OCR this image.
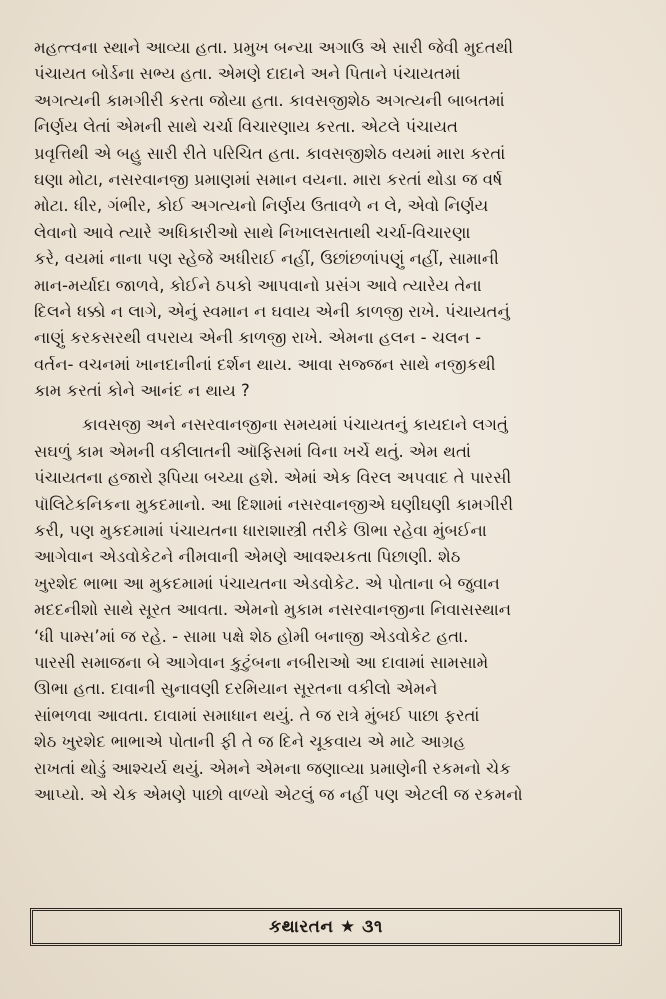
મહત્ત્વના સ્થાને આવ્યા હતા. પ્રમુખ બન્યા અગાઉ એ સારી જેવી મુદતથી
પંચાયત બોર્ડના સભ્ય હતા. એમણે દાદાને અને પિતાને પંચાયતમાં
અગત્યની કામગીરી કરતા જોયા હતા. કાવસજીશેઠ અગત્યની બાબતમાં
નિર્ણય લેતાં એમની સાથે ચર્ચા વિચારણાય કરતા. એટલે પંચાયત
પ્રવૃત્તિથી એ બહુ સારી રીતે પરિચિત હતા. કાવસજીશેઠ વયમાં મારા કરતાં
ઘણા મોટા, નસરવાનજી પ્રમાણમાં સમાન વયના. મારા કરતાં થોડા જ વર્ષ
મોટા. ધીર, ગંભીર, કોઈ અગત્યનો નિર્ણય ઉતાવળે ન લે, એવો નિર્ણય
લેવાનો આવે ત્યારે અધિકારીઓ સાથે નિખાલસતાથી ચર્ચા-વિચારણા
કરે, વયમાં નાના પણ સ્હેજે અધીરાઈ નહીં, ઉછાંછળાંપણું નહીં, સામાની
માન-મર્યાદા જાળવે, કોઈને ઠપકો આપવાનો પ્રસંગ આવે ત્યારેય તેના
દિલને ધક્કો ન લાગે, એનું સ્વમાન ન ઘવાય એની કાળજી રાખે. પંચાયતનું
નાણું કરકસરથી વપરાય એની કાળજી રાખે. એમના હલન - ચલન -
વર્તન- વચનમાં ખાનદાનીનાં દર્શન થાય. આવા સજ્જન સાથે નજીકથી
કામ કરતાં કોને આનંદ ન થાય ?
કાવસજી અને નસરવાનજીના સમયમાં પંચાયતનું કાયદાને લગતું
સઘળું કામ એમની વકીલાતની ઑફિસમાં વિના ખર્ચે થતું. એમ થતાં
પંચાયતના હજારો રૂપિયા બચ્યા હશે. એમાં એક વિરલ અપવાદ તે પારસી
પૉલિટેકનિકના મુકદમાનો. આ દિશામાં નસરવાનજીએ ઘણીઘણી કામગીરી
કરી, પણ મુકદમામાં પંચાયતના ધારાશાસ્ત્રી તરીકે ઊભા રહેવા મુંબઈના
આગેવાન એડવોકેટને નીમવાની એમણે આવશ્યકતા પિછાણી. શેઠ
ખુરશેદ ભાભા આ મુકદમામાં પંચાયતના એડવોકેટ. એ પોતાના બે જુવાન
મદદનીશો સાથે સૂરત આવતા. એમનો મુકામ નસરવાનજીના નિવાસસ્થાન
‘ધી પામ્સ’માં જ રહે. - સામા પક્ષે શેઠ હોમી બનાજી એડવોકેટ હતા.
પારસી સમાજના બે આગેવાન કુટુંબના નબીરાઓ આ દાવામાં સામસામે
ઊભા હતા. દાવાની સુનાવણી દરમિયાન સૂરતના વકીલો એમને
સાંભળવા આવતા. દાવામાં સમાધાન થયું. તે જ રાત્રે મુંબઈ પાછા ફરતાં
શેઠ ખુરશેદ ભાભાએ પોતાની ફી તે જ દિને ચૂકવાય એ માટે આગ્રહ
રાખતાં થોડું આશ્ચર્ય થયું. એમને એમના જણાવ્યા પ્રમાણેની રકમનો ચેક
આપ્યો. એ ચેક એમણે પાછો વાળ્યો એટલું જ નહીં પણ એટલી જ રકમનો
કથારતન ★ ૩૧
